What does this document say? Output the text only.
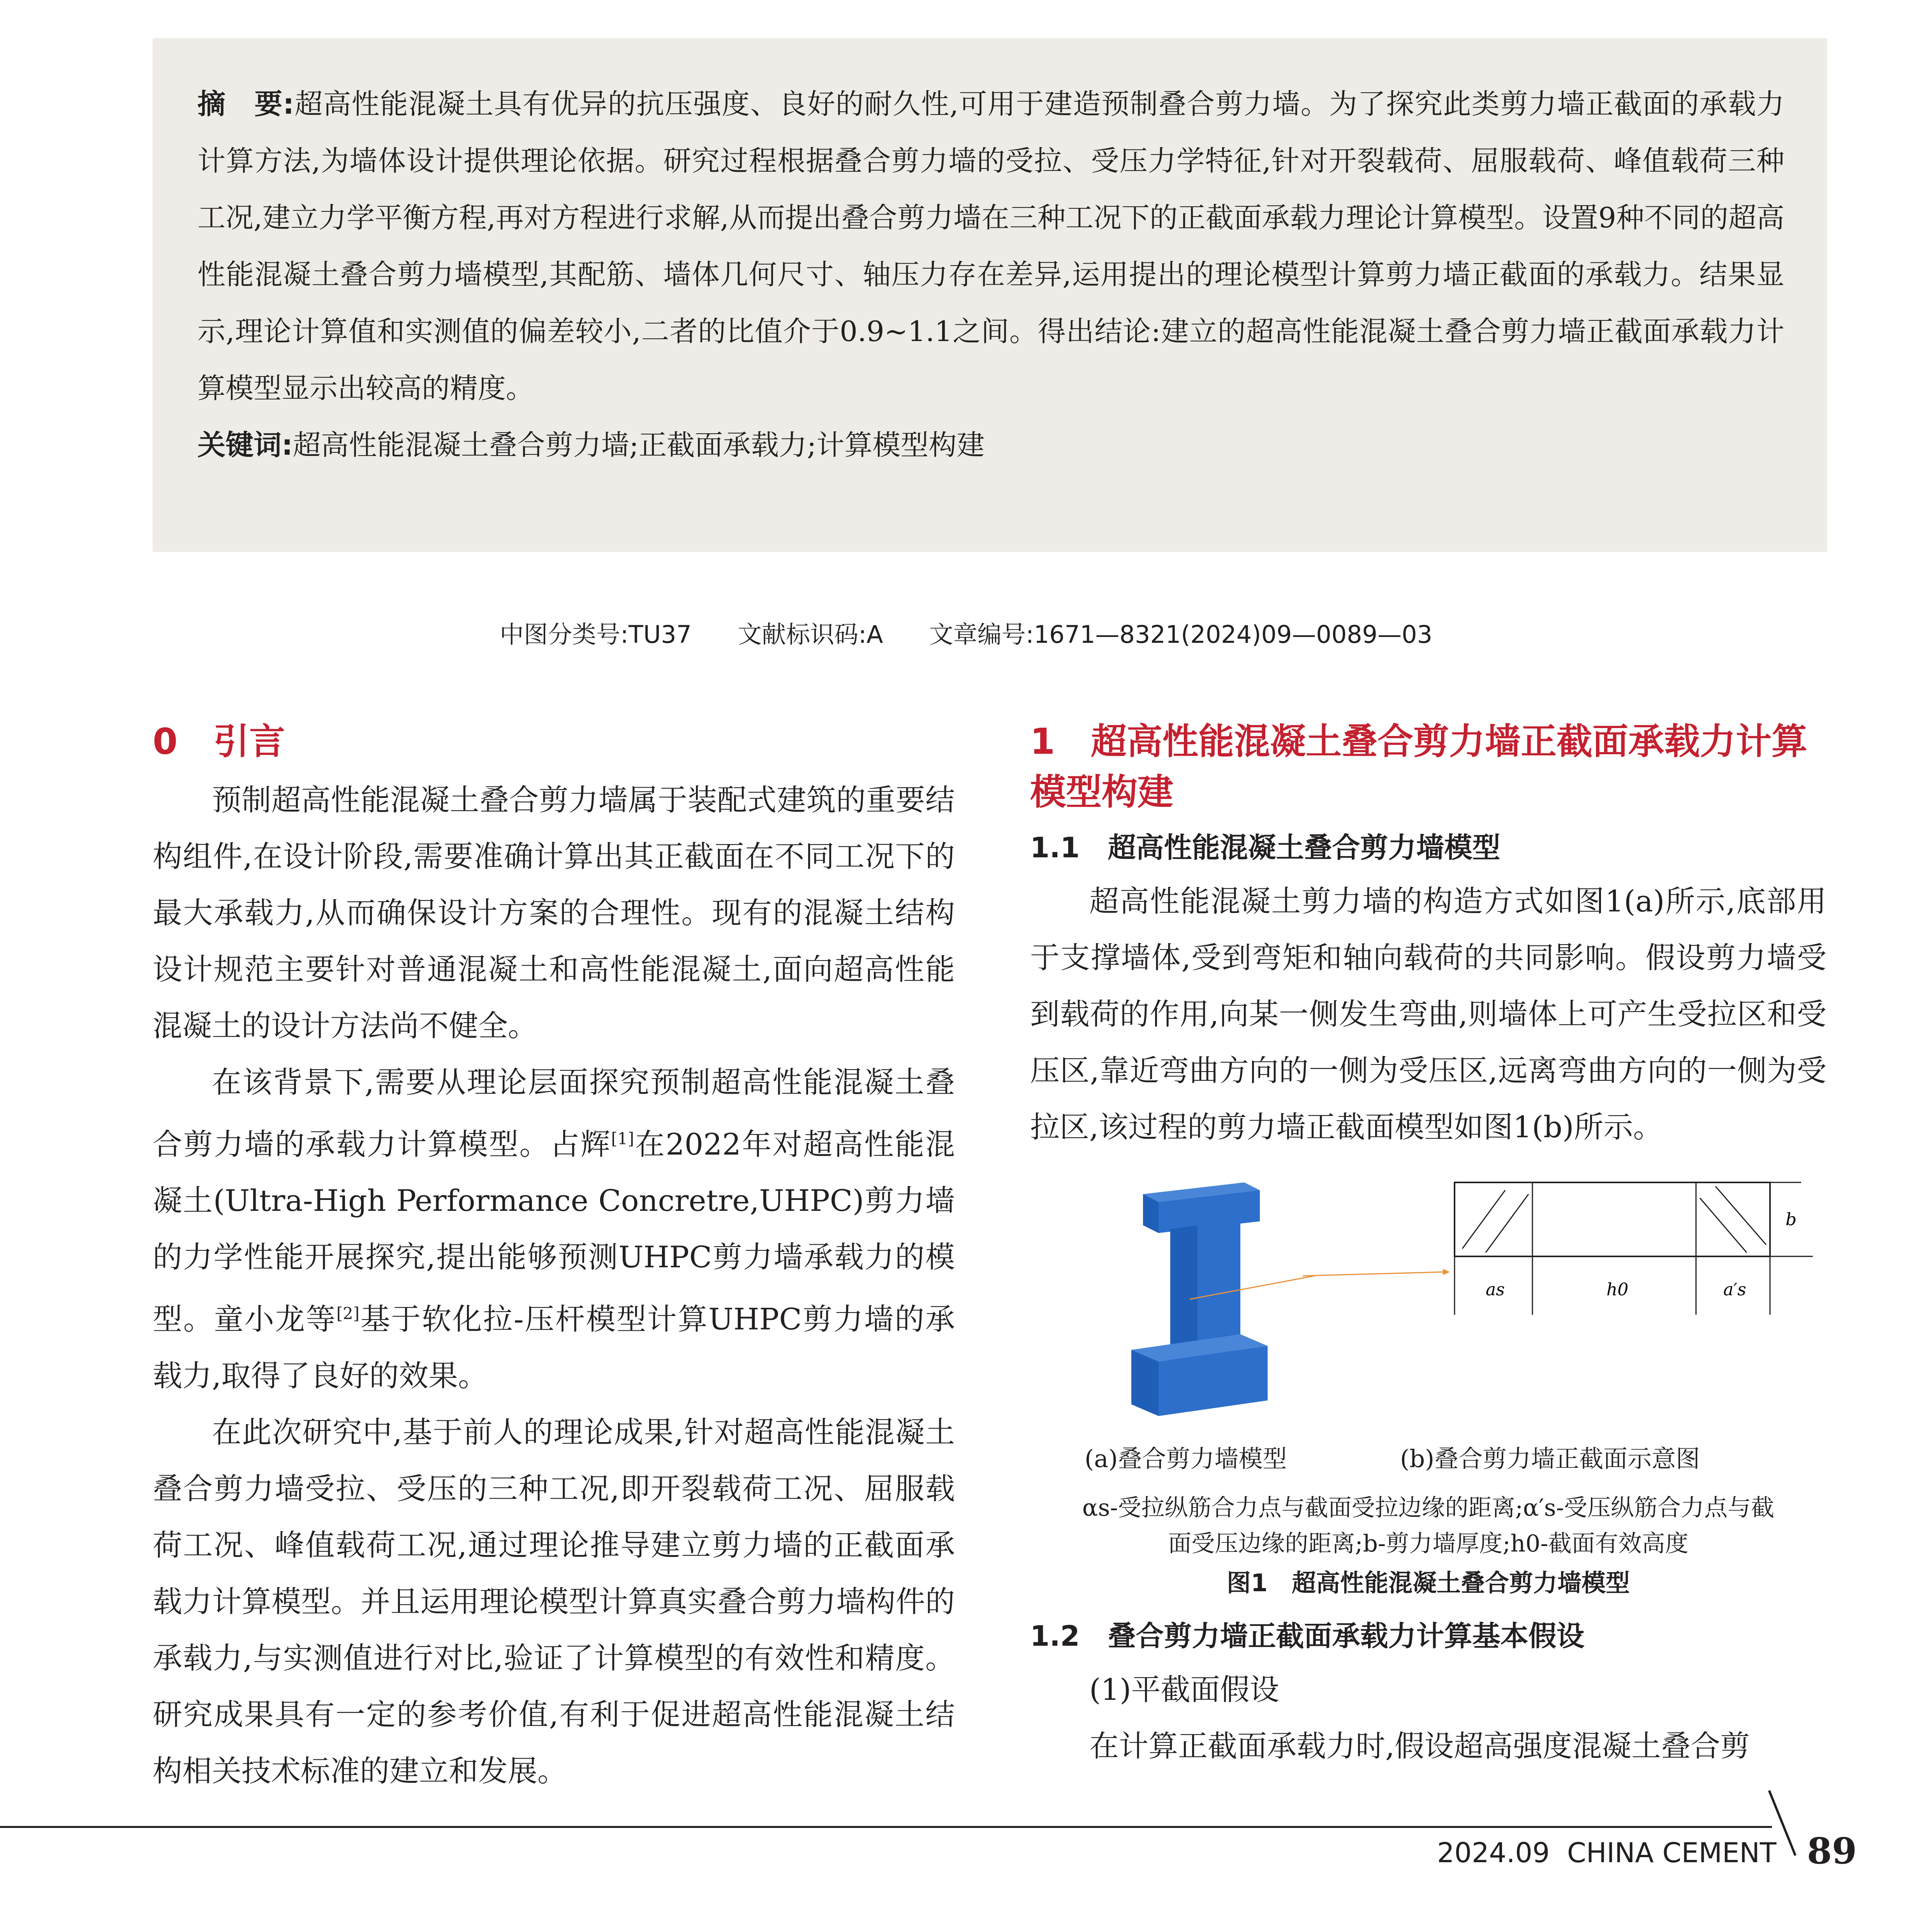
摘　要:超高性能混凝土具有优异的抗压强度、良好的耐久性,可用于建造预制叠合剪力墙。为了探究此类剪力墙正截面的承载力计算方法,为墙体设计提供理论依据。研究过程根据叠合剪力墙的受拉、受压力学特征,针对开裂载荷、屈服载荷、峰值载荷三种工况,建立力学平衡方程,再对方程进行求解,从而提出叠合剪力墙在三种工况下的正截面承载力理论计算模型。设置9种不同的超高性能混凝土叠合剪力墙模型,其配筋、墙体几何尺寸、轴压力存在差异,运用提出的理论模型计算剪力墙正截面的承载力。结果显示,理论计算值和实测值的偏差较小,二者的比值介于0.9~1.1之间。得出结论:建立的超高性能混凝土叠合剪力墙正截面承载力计算模型显示出较高的精度。

关键词:超高性能混凝土叠合剪力墙;正截面承载力;计算模型构建

中图分类号:TU37 文献标识码:A 文章编号:1671—8321(2024)09—0089—03
0　引言

预制超高性能混凝土叠合剪力墙属于装配式建筑的重要结构组件,在设计阶段,需要准确计算出其正截面在不同工况下的最大承载力,从而确保设计方案的合理性。现有的混凝土结构设计规范主要针对普通混凝土和高性能混凝土,面向超高性能混凝土的设计方法尚不健全。

在该背景下,需要从理论层面探究预制超高性能混凝土叠合剪力墙的承载力计算模型。占辉[1]在2022年对超高性能混凝土(Ultra-High Performance Concretre,UHPC)剪力墙的力学性能开展探究,提出能够预测UHPC剪力墙承载力的模型。童小龙等[2]基于软化拉-压杆模型计算UHPC剪力墙的承载力,取得了良好的效果。

在此次研究中,基于前人的理论成果,针对超高性能混凝土叠合剪力墙受拉、受压的三种工况,即开裂载荷工况、屈服载荷工况、峰值载荷工况,通过理论推导建立剪力墙的正截面承载力计算模型。并且运用理论模型计算真实叠合剪力墙构件的承载力,与实测值进行对比,验证了计算模型的有效性和精度。研究成果具有一定的参考价值,有利于促进超高性能混凝土结构相关技术标准的建立和发展。

1　超高性能混凝土叠合剪力墙正截面承载力计算模型构建
1.1　超高性能混凝土叠合剪力墙模型

超高性能混凝土剪力墙的构造方式如图1(a)所示,底部用于支撑墙体,受到弯矩和轴向载荷的共同影响。假设剪力墙受到载荷的作用,向某一侧发生弯曲,则墙体上可产生受拉区和受压区,靠近弯曲方向的一侧为受压区,远离弯曲方向的一侧为受拉区,该过程的剪力墙正截面模型如图1(b)所示。

as	h0	a′s
b
(a)叠合剪力墙模型	(b)叠合剪力墙正截面示意图

αs-受拉纵筋合力点与截面受拉边缘的距离;α′s-受压纵筋合力点与截

面受压边缘的距离;b-剪力墙厚度;h0-截面有效高度

图1　超高性能混凝土叠合剪力墙模型

1.2　叠合剪力墙正截面承载力计算基本假设

(1)平截面假设

在计算正截面承载力时,假设超高强度混凝土叠合剪

2024.09  CHINA CEMENT 89
